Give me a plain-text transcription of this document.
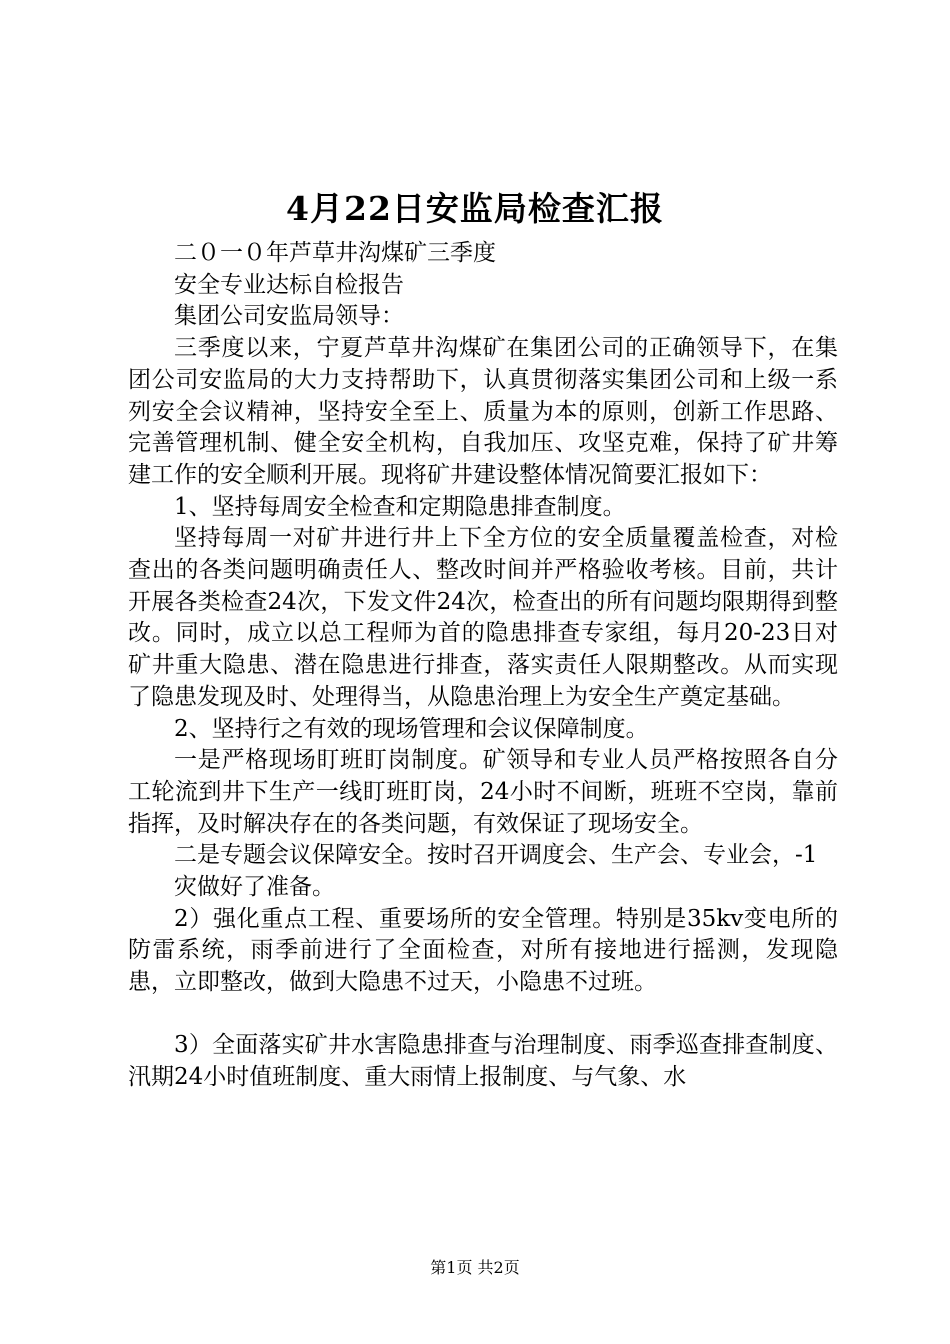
4月22日安监局检查汇报

二０一０年芦草井沟煤矿三季度

安全专业达标自检报告

集团公司安监局领导：

三季度以来，宁夏芦草井沟煤矿在集团公司的正确领导下，在集团公司安监局的大力支持帮助下，认真贯彻落实集团公司和上级一系列安全会议精神，坚持安全至上、质量为本的原则，创新工作思路、完善管理机制、健全安全机构，自我加压、攻坚克难，保持了矿井筹建工作的安全顺利开展。现将矿井建设整体情况简要汇报如下：

1、坚持每周安全检查和定期隐患排查制度。

坚持每周一对矿井进行井上下全方位的安全质量覆盖检查，对检查出的各类问题明确责任人、整改时间并严格验收考核。目前，共计开展各类检查24次，下发文件24次，检查出的所有问题均限期得到整改。同时，成立以总工程师为首的隐患排查专家组，每月20-23日对矿井重大隐患、潜在隐患进行排查，落实责任人限期整改。从而实现了隐患发现及时、处理得当，从隐患治理上为安全生产奠定基础。

2、坚持行之有效的现场管理和会议保障制度。

一是严格现场盯班盯岗制度。矿领导和专业人员严格按照各自分工轮流到井下生产一线盯班盯岗，24小时不间断，班班不空岗，靠前指挥，及时解决存在的各类问题，有效保证了现场安全。

二是专题会议保障安全。按时召开调度会、生产会、专业会，-1

灾做好了准备。

2）强化重点工程、重要场所的安全管理。特别是35kv变电所的防雷系统，雨季前进行了全面检查，对所有接地进行摇测，发现隐患，立即整改，做到大隐患不过天，小隐患不过班。

3）全面落实矿井水害隐患排查与治理制度、雨季巡查排查制度、汛期24小时值班制度、重大雨情上报制度、与气象、水

第1页 共2页
